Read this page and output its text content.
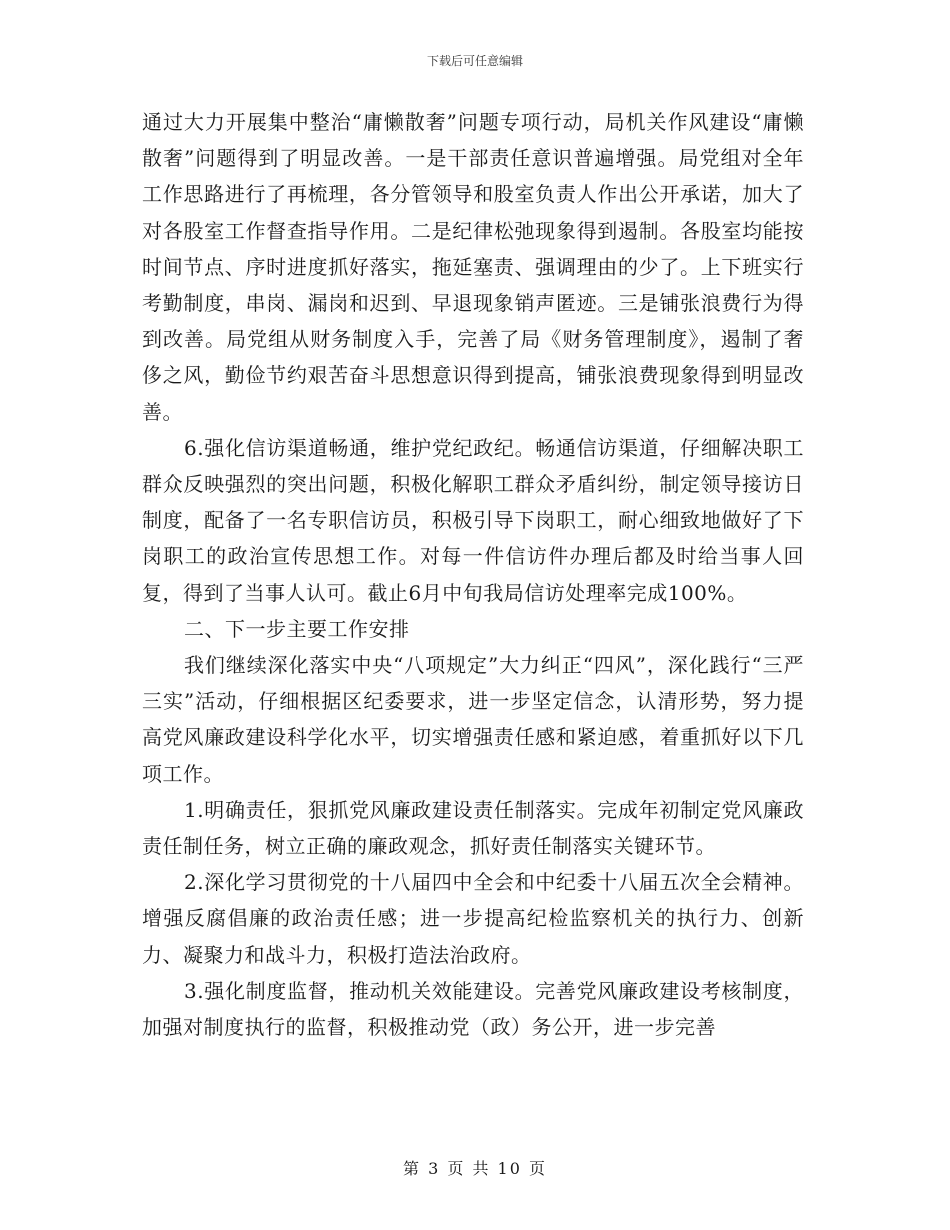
下载后可任意编辑

通过大力开展集中整治“庸懒散奢”问题专项行动，局机关作风建设“庸懒散奢”问题得到了明显改善。一是干部责任意识普遍增强。局党组对全年工作思路进行了再梳理，各分管领导和股室负责人作出公开承诺，加大了对各股室工作督查指导作用。二是纪律松弛现象得到遏制。各股室均能按时间节点、序时进度抓好落实，拖延塞责、强调理由的少了。上下班实行考勤制度，串岗、漏岗和迟到、早退现象销声匿迹。三是铺张浪费行为得到改善。局党组从财务制度入手，完善了局《财务管理制度》，遏制了奢侈之风，勤俭节约艰苦奋斗思想意识得到提高，铺张浪费现象得到明显改善。

6.强化信访渠道畅通，维护党纪政纪。畅通信访渠道，仔细解决职工群众反映强烈的突出问题，积极化解职工群众矛盾纠纷，制定领导接访日制度，配备了一名专职信访员，积极引导下岗职工，耐心细致地做好了下岗职工的政治宣传思想工作。对每一件信访件办理后都及时给当事人回复，得到了当事人认可。截止6月中旬我局信访处理率完成100%。

二、下一步主要工作安排

我们继续深化落实中央“八项规定”大力纠正“四风”，深化践行“三严三实”活动，仔细根据区纪委要求，进一步坚定信念，认清形势，努力提高党风廉政建设科学化水平，切实增强责任感和紧迫感，着重抓好以下几项工作。

1.明确责任，狠抓党风廉政建设责任制落实。完成年初制定党风廉政责任制任务，树立正确的廉政观念，抓好责任制落实关键环节。

2.深化学习贯彻党的十八届四中全会和中纪委十八届五次全会精神。增强反腐倡廉的政治责任感；进一步提高纪检监察机关的执行力、创新力、凝聚力和战斗力，积极打造法治政府。

3.强化制度监督，推动机关效能建设。完善党风廉政建设考核制度，加强对制度执行的监督，积极推动党（政）务公开，进一步完善

第 3 页 共 10 页
